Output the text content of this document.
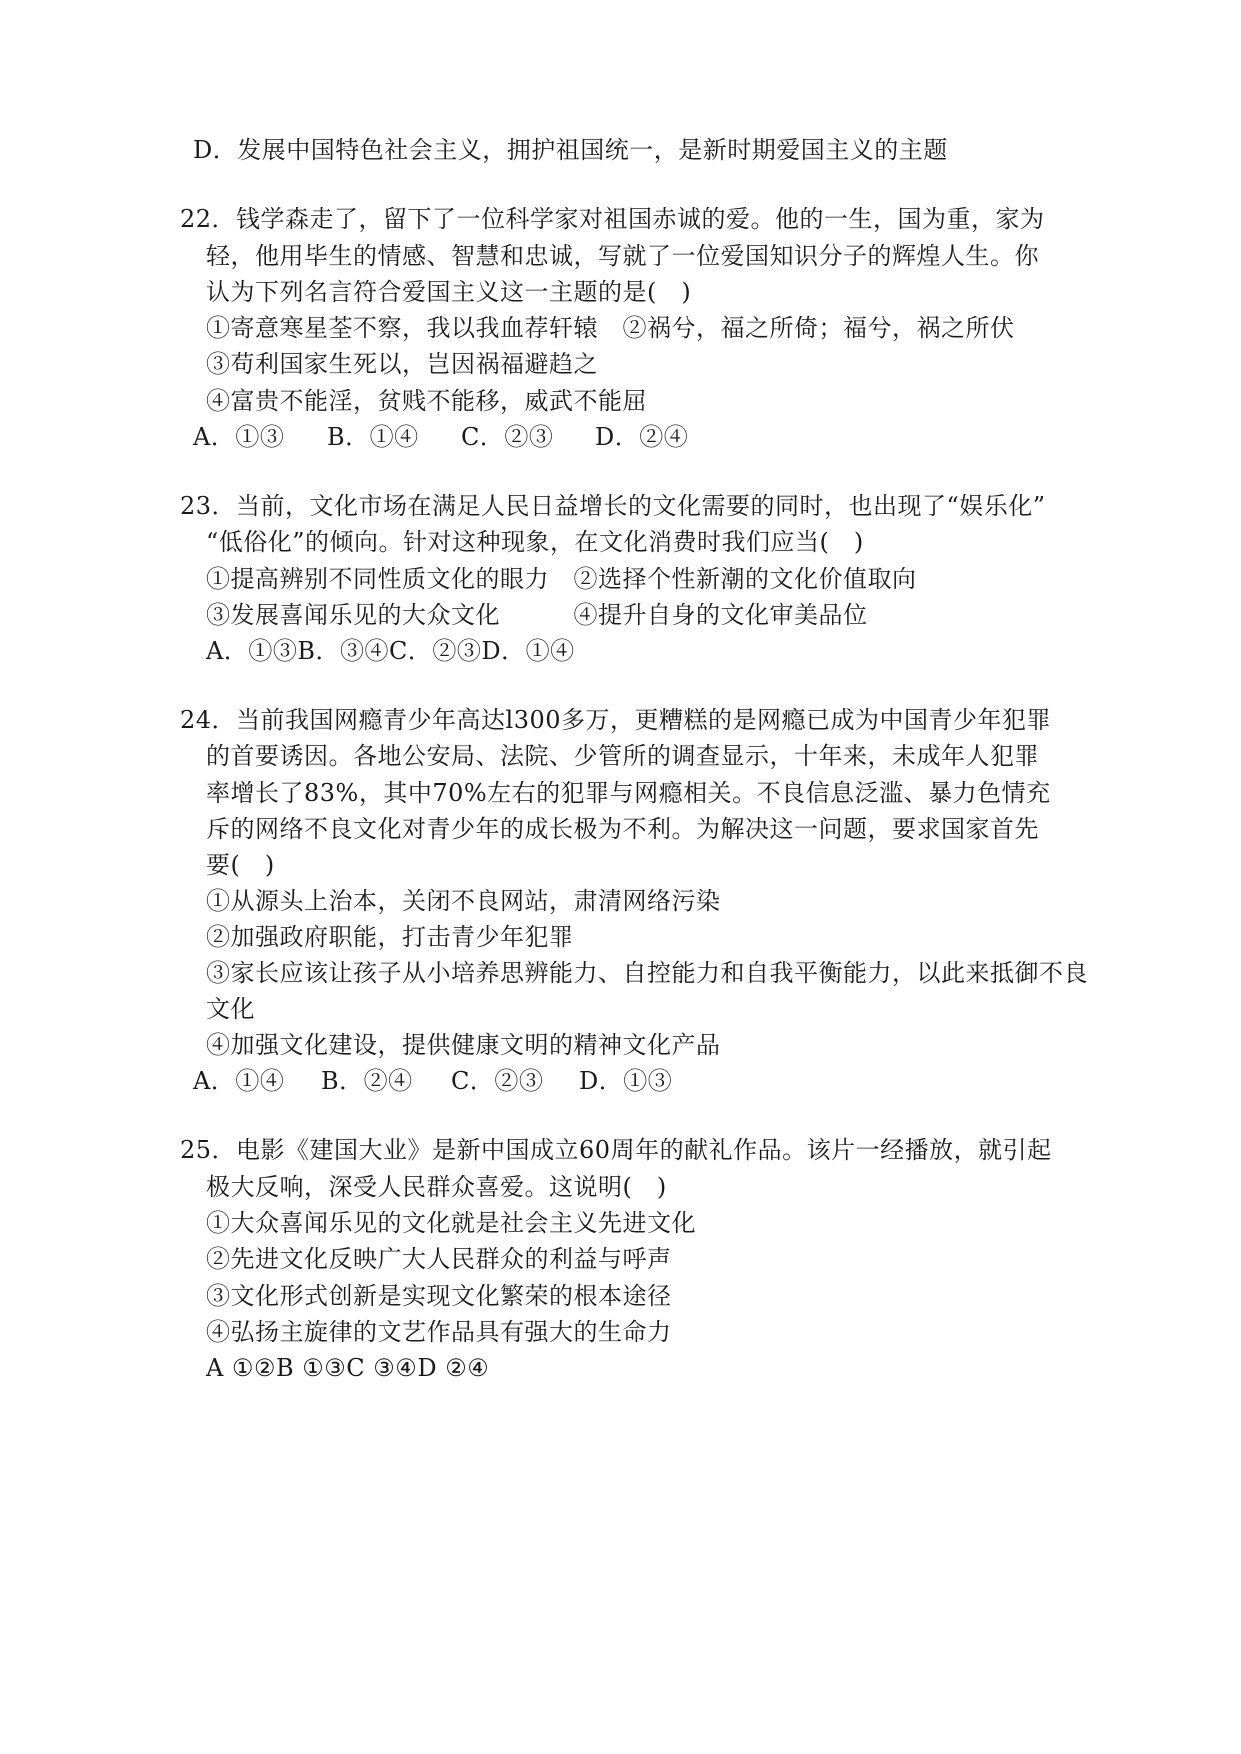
D．发展中国特色社会主义，拥护祖国统一，是新时期爱国主义的主题
22．钱学森走了，留下了一位科学家对祖国赤诚的爱。他的一生，国为重，家为
轻，他用毕生的情感、智慧和忠诚，写就了一位爱国知识分子的辉煌人生。你
认为下列名言符合爱国主义这一主题的是(　)
①寄意寒星荃不察，我以我血荐轩辕　②祸兮，福之所倚；福兮，祸之所伏
③苟利国家生死以，岂因祸福避趋之
④富贵不能淫，贫贱不能移，威武不能屈
A．①③ B．①④ C．②③ D．②④
23．当前，文化市场在满足人民日益增长的文化需要的同时，也出现了“娱乐化”
“低俗化”的倾向。针对这种现象，在文化消费时我们应当(　)
①提高辨别不同性质文化的眼力　②选择个性新潮的文化价值取向
③发展喜闻乐见的大众文化　　　④提升自身的文化审美品位
A．①③B．③④C．②③D．①④
24．当前我国网瘾青少年高达l300多万，更糟糕的是网瘾已成为中国青少年犯罪
的首要诱因。各地公安局、法院、少管所的调查显示，十年来，未成年人犯罪
率增长了83%，其中70%左右的犯罪与网瘾相关。不良信息泛滥、暴力色情充
斥的网络不良文化对青少年的成长极为不利。为解决这一问题，要求国家首先
要(　)
①从源头上治本，关闭不良网站，肃清网络污染
②加强政府职能，打击青少年犯罪
③家长应该让孩子从小培养思辨能力、自控能力和自我平衡能力，以此来抵御不良
文化
④加强文化建设，提供健康文明的精神文化产品
A．①④ B．②④ C．②③ D．①③
25．电影《建国大业》是新中国成立60周年的献礼作品。该片一经播放，就引起
极大反响，深受人民群众喜爱。这说明(　)
①大众喜闻乐见的文化就是社会主义先进文化
②先进文化反映广大人民群众的利益与呼声
③文化形式创新是实现文化繁荣的根本途径
④弘扬主旋律的文艺作品具有强大的生命力
A ①②B ①③C ③④D ②④
